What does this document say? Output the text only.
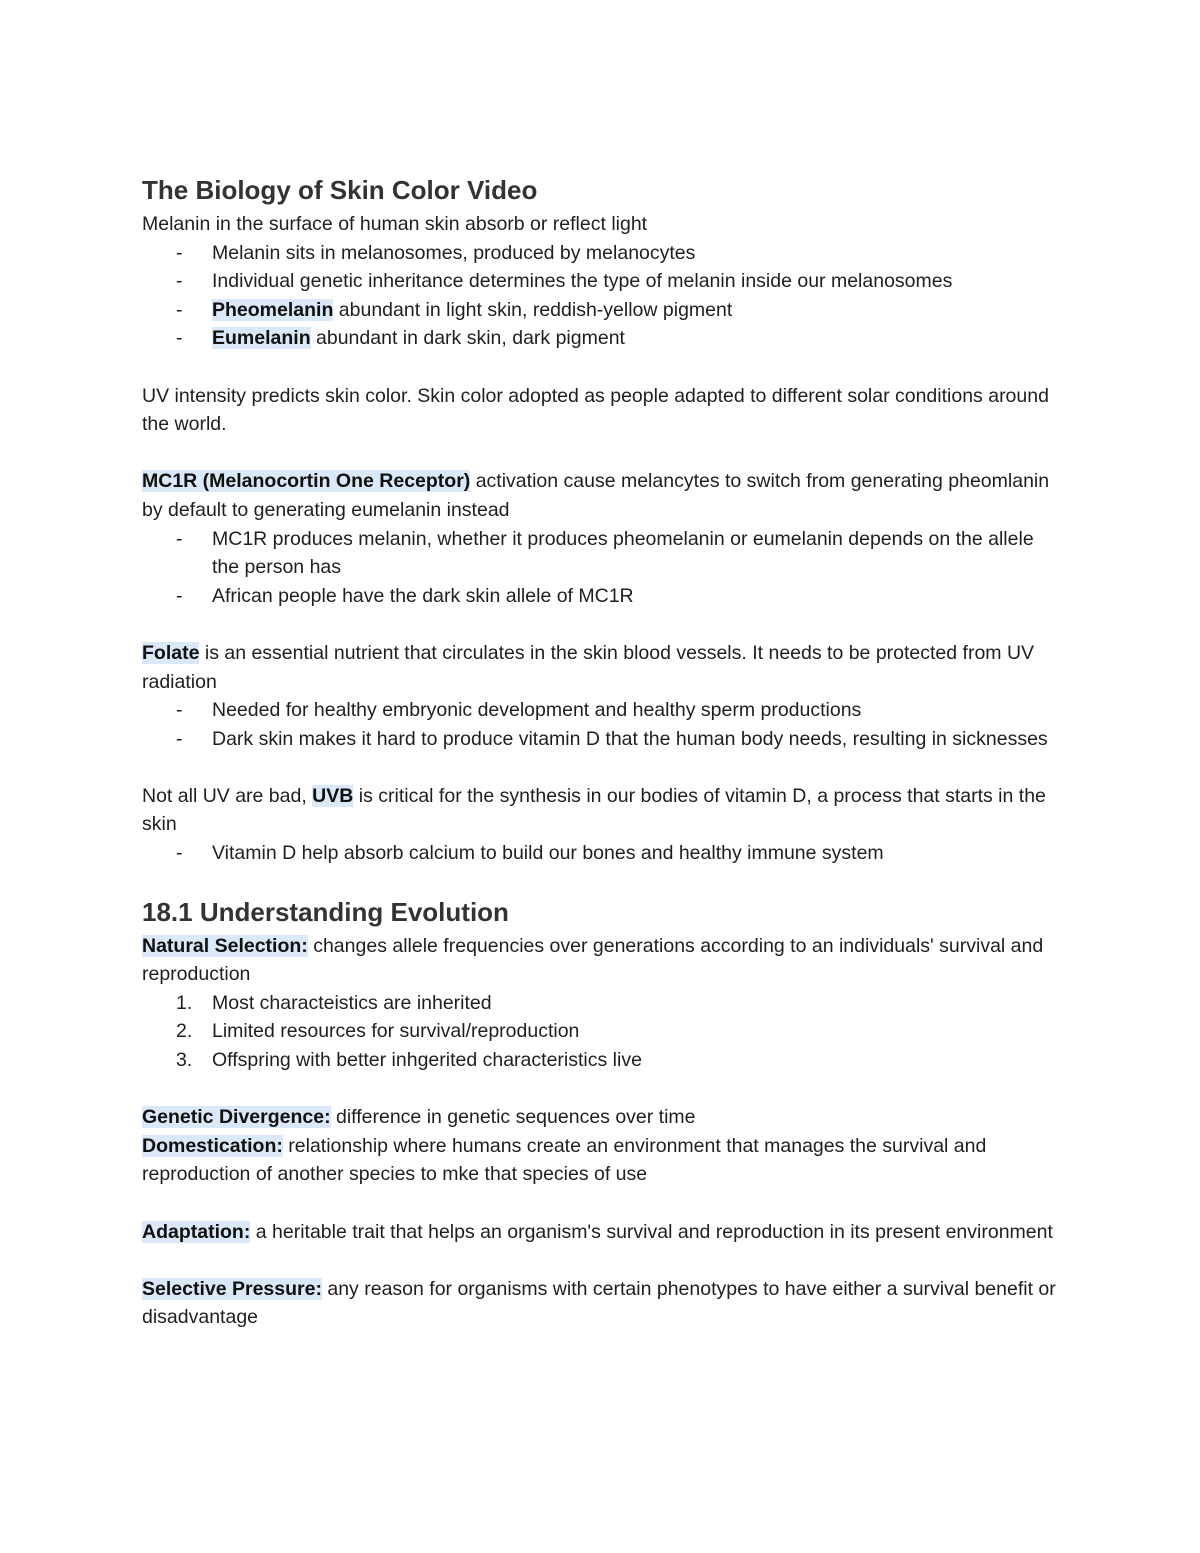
The Biology of Skin Color Video

Melanin in the surface of human skin absorb or reflect light

- Melanin sits in melanosomes, produced by melanocytes
- Individual genetic inheritance determines the type of melanin inside our melanosomes
- Pheomelanin abundant in light skin, reddish-yellow pigment
- Eumelanin abundant in dark skin, dark pigment

UV intensity predicts skin color. Skin color adopted as people adapted to different solar conditions around the world.

MC1R (Melanocortin One Receptor) activation cause melancytes to switch from generating pheomlanin by default to generating eumelanin instead

- MC1R produces melanin, whether it produces pheomelanin or eumelanin depends on the allele the person has
- African people have the dark skin allele of MC1R

Folate is an essential nutrient that circulates in the skin blood vessels. It needs to be protected from UV radiation

- Needed for healthy embryonic development and healthy sperm productions
- Dark skin makes it hard to produce vitamin D that the human body needs, resulting in sicknesses

Not all UV are bad, UVB is critical for the synthesis in our bodies of vitamin D, a process that starts in the skin

- Vitamin D help absorb calcium to build our bones and healthy immune system
18.1 Understanding Evolution

Natural Selection: changes allele frequencies over generations according to an individuals' survival and reproduction

1. Most characteistics are inherited
2. Limited resources for survival/reproduction
3. Offspring with better inhgerited characteristics live

Genetic Divergence: difference in genetic sequences over time

Domestication: relationship where humans create an environment that manages the survival and reproduction of another species to mke that species of use

Adaptation: a heritable trait that helps an organism's survival and reproduction in its present environment

Selective Pressure: any reason for organisms with certain phenotypes to have either a survival benefit or disadvantage
